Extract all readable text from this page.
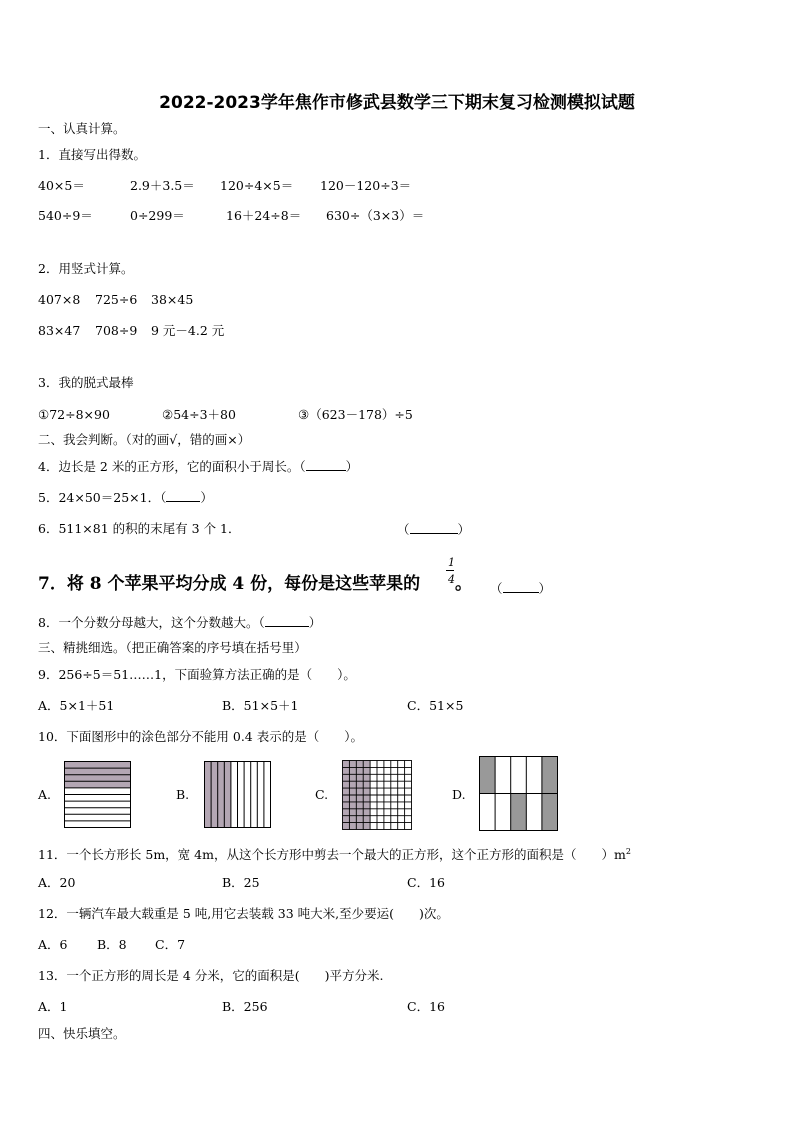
2022-2023学年焦作市修武县数学三下期末复习检测模拟试题
一、认真计算。
1．直接写出得数。
40×5＝	2.9＋3.5＝ 120÷4×5＝ 120－120÷3＝
540÷9＝	0÷299＝	16＋24÷8＝ 630÷（3×3）＝
2．用竖式计算。
407×8 725÷6 38×45
83×47 708÷9 9 元－4.2 元
3．我的脱式最棒
①72÷8×90	②54÷3＋80	③（623－178）÷5
二、我会判断。（对的画√，错的画×）
4．边长是 2 米的正方形，它的面积小于周长。（	）
5．24×50＝25×1．（	）
6．511×81 的积的末尾有 3 个 1．	（	）
7．将 8 个苹果平均分成 4 份，每份是这些苹果的
1
4 。 （	）
8．一个分数分母越大，这个分数越大。（	）
三、精挑细选。（把正确答案的序号填在括号里）
9．256÷5＝51……1，下面验算方法正确的是（　　）。
A．5×1＋51	B．51×5＋1	C．51×5
10．下面图形中的涂色部分不能用 0.4 表示的是（　　）。
A.	B.	C.	D.
11．一个长方形长 5m，宽 4m，从这个长方形中剪去一个最大的正方形，这个正方形的面积是（　　）$m^2$
A．20	B．25	C．16
12．一辆汽车最大载重是 5 吨,用它去装载 33 吨大米,至少要运(　　)次。
A．6 B．8 C．7
13．一个正方形的周长是 4 分米，它的面积是(　　)平方分米.
A．1	B．256	C．16
四、快乐填空。
